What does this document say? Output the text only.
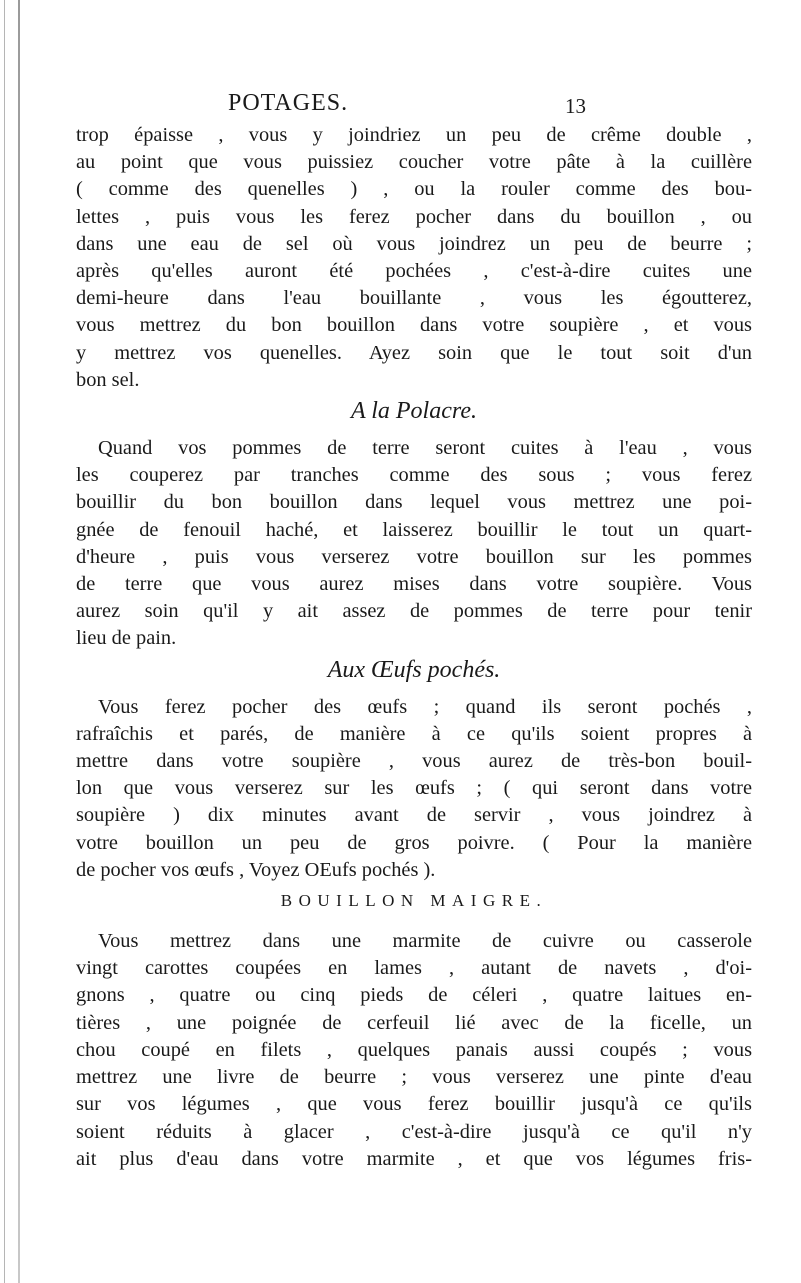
POTAGES.	13

trop épaisse , vous y joindriez un peu de crême double ,

au point que vous puissiez coucher votre pâte à la cuillère

( comme des quenelles ) , ou la rouler comme des bou-

lettes , puis vous les ferez pocher dans du bouillon , ou

dans une eau de sel où vous joindrez un peu de beurre ;

après qu'elles auront été pochées , c'est-à-dire cuites une

demi-heure dans l'eau bouillante , vous les égoutterez,

vous mettrez du bon bouillon dans votre soupière , et vous

y mettrez vos quenelles. Ayez soin que le tout soit d'un

bon sel.

A la Polacre.

Quand vos pommes de terre seront cuites à l'eau , vous

les couperez par tranches comme des sous ; vous ferez

bouillir du bon bouillon dans lequel vous mettrez une poi-

gnée de fenouil haché, et laisserez bouillir le tout un quart-

d'heure , puis vous verserez votre bouillon sur les pommes

de terre que vous aurez mises dans votre soupière. Vous

aurez soin qu'il y ait assez de pommes de terre pour tenir

lieu de pain.

Aux Œufs pochés.

Vous ferez pocher des œufs ; quand ils seront pochés ,

rafraîchis et parés, de manière à ce qu'ils soient propres à

mettre dans votre soupière , vous aurez de très-bon bouil-

lon que vous verserez sur les œufs ; ( qui seront dans votre

soupière ) dix minutes avant de servir , vous joindrez à

votre bouillon un peu de gros poivre. ( Pour la manière

de pocher vos œufs , Voyez OEufs pochés ).

BOUILLON MAIGRE.

Vous mettrez dans une marmite de cuivre ou casserole

vingt carottes coupées en lames , autant de navets , d'oi-

gnons , quatre ou cinq pieds de céleri , quatre laitues en-

tières , une poignée de cerfeuil lié avec de la ficelle, un

chou coupé en filets , quelques panais aussi coupés ; vous

mettrez une livre de beurre ; vous verserez une pinte d'eau

sur vos légumes , que vous ferez bouillir jusqu'à ce qu'ils

soient réduits à glacer , c'est-à-dire jusqu'à ce qu'il n'y

ait plus d'eau dans votre marmite , et que vos légumes fris-
